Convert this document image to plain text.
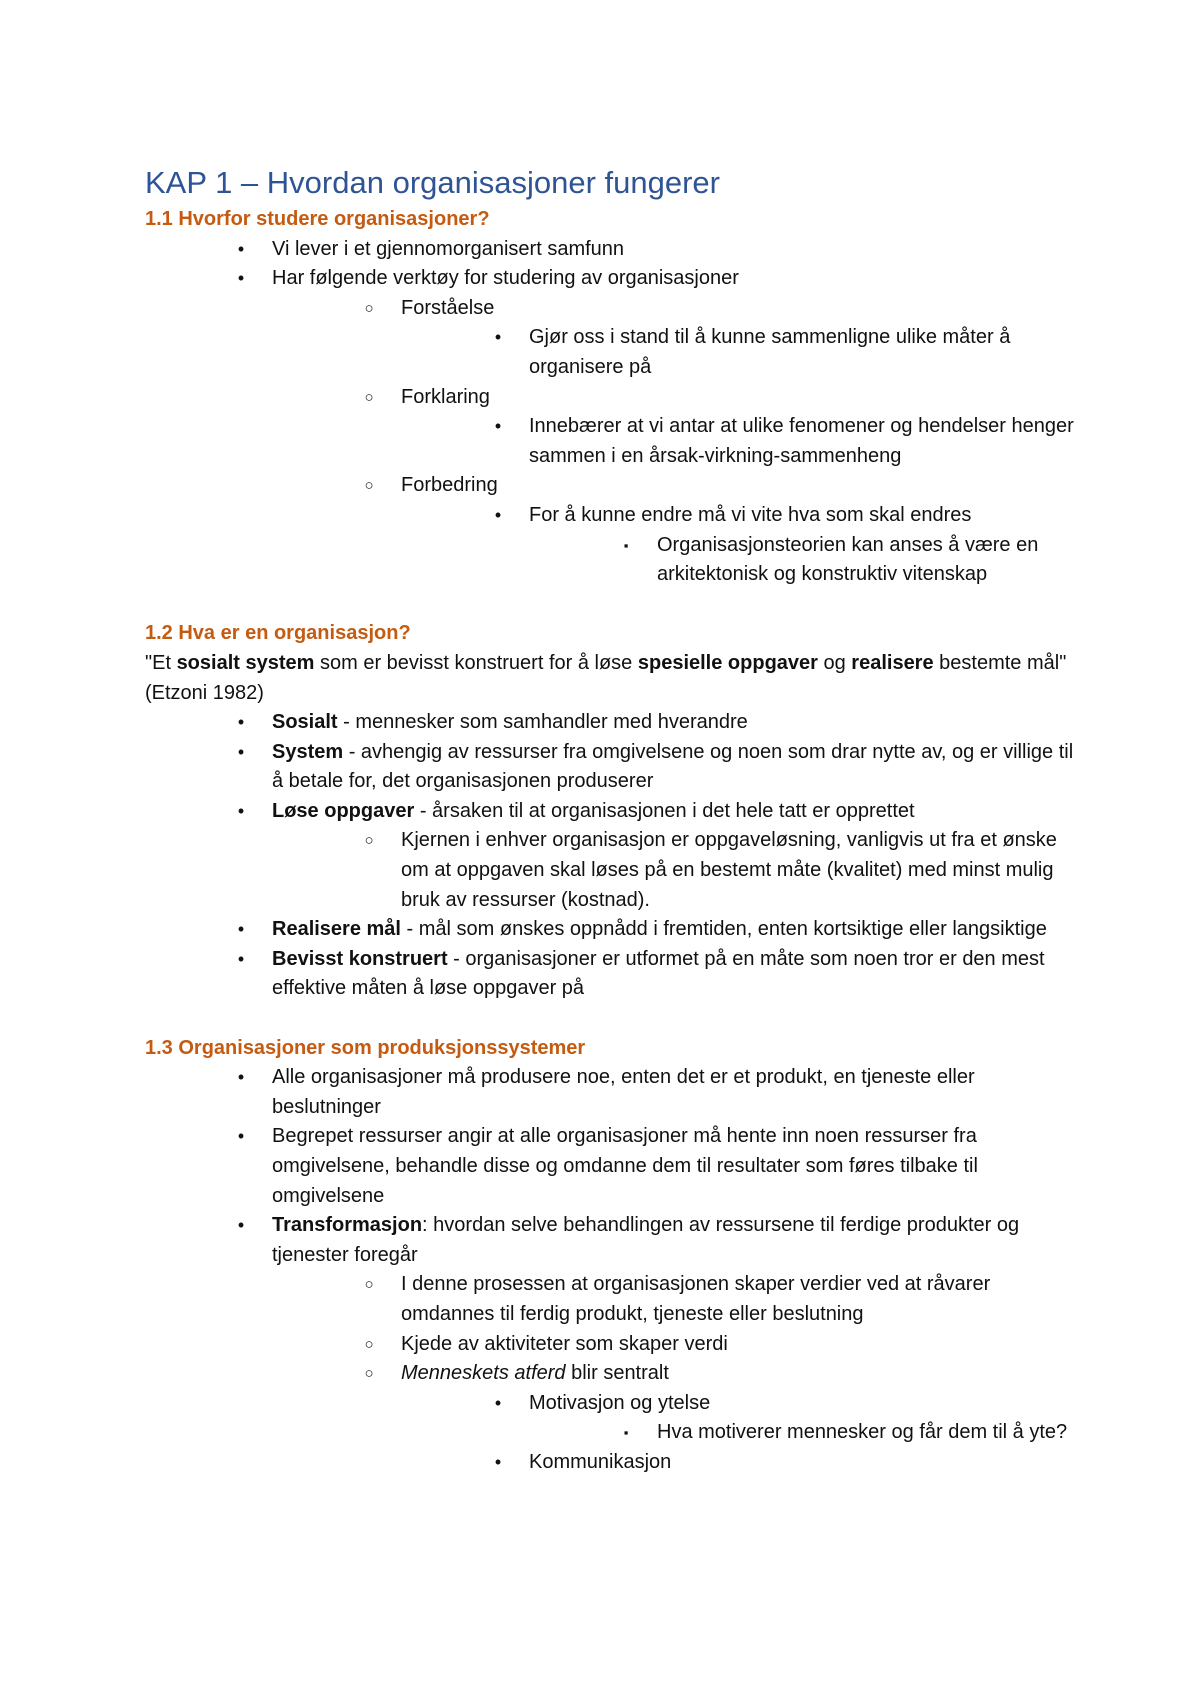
KAP 1 – Hvordan organisasjoner fungerer
1.1 Hvorfor studere organisasjoner?
• Vi lever i et gjennomorganisert samfunn
• Har følgende verktøy for studering av organisasjoner
○ Forståelse
• Gjør oss i stand til å kunne sammenligne ulike måter å organisere på
○ Forklaring
• Innebærer at vi antar at ulike fenomener og hendelser henger sammen i en årsak-virkning-sammenheng
○ Forbedring
• For å kunne endre må vi vite hva som skal endres
▪ Organisasjonsteorien kan anses å være en arkitektonisk og konstruktiv vitenskap
1.2 Hva er en organisasjon?

"Et sosialt system som er bevisst konstruert for å løse spesielle oppgaver og realisere bestemte mål" (Etzoni 1982)

• Sosialt - mennesker som samhandler med hverandre
• System - avhengig av ressurser fra omgivelsene og noen som drar nytte av, og er villige til å betale for, det organisasjonen produserer
• Løse oppgaver - årsaken til at organisasjonen i det hele tatt er opprettet
○ Kjernen i enhver organisasjon er oppgaveløsning, vanligvis ut fra et ønske om at oppgaven skal løses på en bestemt måte (kvalitet) med minst mulig bruk av ressurser (kostnad).
• Realisere mål - mål som ønskes oppnådd i fremtiden, enten kortsiktige eller langsiktige
• Bevisst konstruert - organisasjoner er utformet på en måte som noen tror er den mest effektive måten å løse oppgaver på
1.3 Organisasjoner som produksjonssystemer
• Alle organisasjoner må produsere noe, enten det er et produkt, en tjeneste eller beslutninger
• Begrepet ressurser angir at alle organisasjoner må hente inn noen ressurser fra omgivelsene, behandle disse og omdanne dem til resultater som føres tilbake til omgivelsene
• Transformasjon: hvordan selve behandlingen av ressursene til ferdige produkter og tjenester foregår
○ I denne prosessen at organisasjonen skaper verdier ved at råvarer omdannes til ferdig produkt, tjeneste eller beslutning
○ Kjede av aktiviteter som skaper verdi
○ Menneskets atferd blir sentralt
• Motivasjon og ytelse
▪ Hva motiverer mennesker og får dem til å yte?
• Kommunikasjon
